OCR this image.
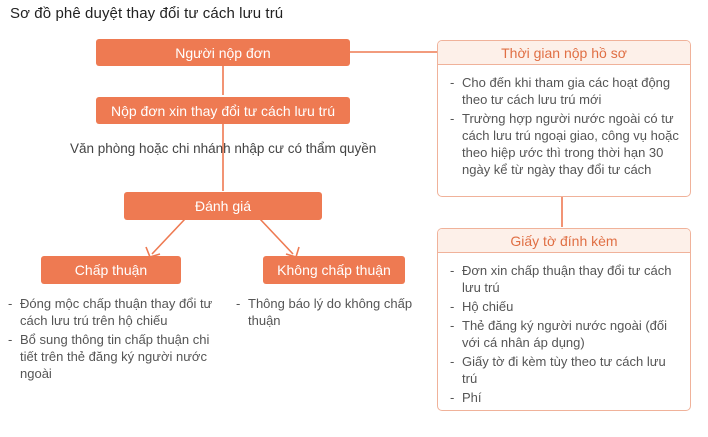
Sơ đồ phê duyệt thay đổi tư cách lưu trú
Người nộp đơn
Nộp đơn xin thay đổi tư cách lưu trú
Văn phòng hoặc chi nhánh nhập cư có thẩm quyền
Đánh giá
Chấp thuận	Không chấp thuận
- Đóng mộc chấp thuận thay đổi tư cách lưu trú trên hộ chiếu
- Bổ sung thông tin chấp thuận chi tiết trên thẻ đăng ký người nước ngoài
- Thông báo lý do không chấp thuận
Thời gian nộp hồ sơ
- Cho đến khi tham gia các hoạt động theo tư cách lưu trú mới
- Trường hợp người nước ngoài có tư cách lưu trú ngoại giao, công vụ hoặc theo hiệp ước thì trong thời hạn 30 ngày kể từ ngày thay đổi tư cách
Giấy tờ đính kèm
- Đơn xin chấp thuận thay đổi tư cách lưu trú
- Hộ chiếu
- Thẻ đăng ký người nước ngoài (đối với cá nhân áp dụng)
- Giấy tờ đi kèm tùy theo tư cách lưu trú
- Phí
